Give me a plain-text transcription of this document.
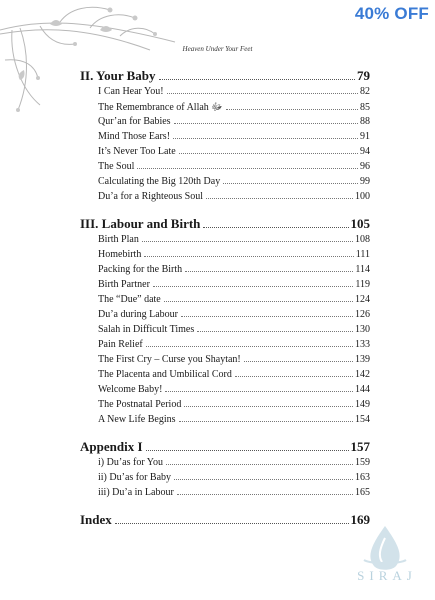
40% OFF
Heaven Under Your Feet
II. Your Baby	79
I Can Hear You!	82
The Remembrance of Allah ﷻ	85
Qur’an for Babies	88
Mind Those Ears!	91
It’s Never Too Late	94
The Soul	96
Calculating the Big 120th Day	99
Du’a for a Righteous Soul	100
III. Labour and Birth	105
Birth Plan	108
Homebirth	111
Packing for the Birth	114
Birth Partner	119
The “Due” date	124
Du’a during Labour	126
Salah in Difficult Times	130
Pain Relief	133
The First Cry – Curse you Shaytan!	139
The Placenta and Umbilical Cord	142
Welcome Baby!	144
The Postnatal Period	149
A New Life Begins	154
Appendix I	157
i) Du’as for You	159
ii) Du’as for Baby	163
iii) Du’a in Labour	165
Index	169
SIRAJ
